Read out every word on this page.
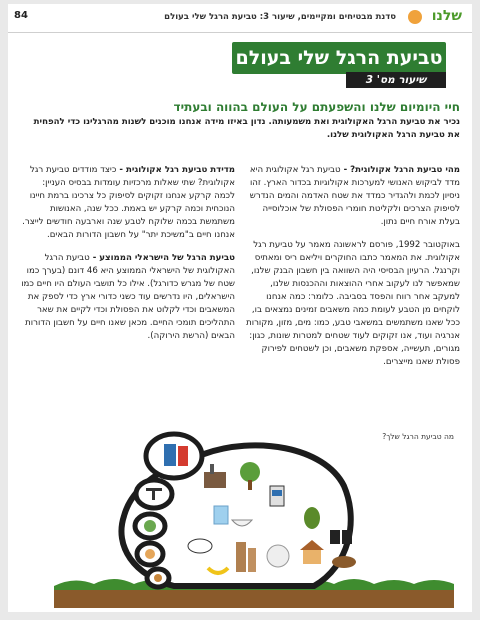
שלנו
סדנת מבטיחים ומקיימים, שיעור 3: טביעת הרגל שלי בעולם
84
טביעת הרגל שלי בעולם
שיעור מס' 3
חיי היומיום שלנו והשפעתם על העולם בהווה ובעתיד
נכיר את טביעת הרגל האקולוגית ואת משמעותה. נדון באיזו מידה אנחנו מוכנים לשנות מהרגלינו כדי להפחית את טביעת הרגל האקולוגית שלנו.

מהי טביעת הרגל אקולוגית? - טביעת רגל אקולוגית היא מדד לביקוש האנושי למערכות אקולוגיות בכדור הארץ. זהו ניסיון לכמת ולהגדיר כמדד את שטח האדמה והמים הנדרש לסיפוק הצרכים ולקליטת חומרי הפסולת של אוכלוסייה בעלת אורח חיים נתון.

באוקטובר 1992, פורסם לראשונה מאמר על טביעת רגל אקולוגית. את המאמר כתבו החוקרים ויליאם ריס ומאתיס וקרנגל. הרעיון הבסיסי היה השוואה בין חשבון הבנק שלנו, שמאפשר לנו לעקוב אחרי ההוצאות וההכנסות שלנו, למעקב אחר רווח והפסד בסביבה. כלומר: כמה אנחנו לוקחים מן הטבע לעומת כמה משאבים זמינים נמצאים בו, ככל שאנו משתמשים במשאבי טבע, כמו: מים, מזון, מקורות אנרגיה ועוד, אנו זקוקים לעוד שטחים למטרות שונות, כגון: מגורים, תעשייה, אספקת משאבים, וכן לשטחים לפירוק פסולת שאנו מייצרים.

מדידת טביעת רגל אקולוגית - כיצד מודדים טביעת רגל אקולוגית? שתי שאלות מרכזיות עומדות בבסיס העניין: לכמה קרקע אנחנו זקוקים לסיפוק כל צרכינו ברמת חיינו הנוכחית וכמה קרקע יש באמת. ככל שנה, האנושות משתמשת בכמה שלוקח לטבע שנה וארבעה חודשים לייצר. אנחנו חיים ב"משיכת יתר" על חשבון הדורות הבאים.

טביעת הרגל של הישראלי הממוצע - טביעת הרגל האקולוגית של הישראלי הממוצע היא 46 דונם (בערך כמו שטח של מגרש כדורגל). אילו כל תושבי העולם היו חיים כמו הישראלים, היו נדרשים עוד כשני כדורי ארץ כדי לספק את המשאבים וכדי לקלוט את הפסולת וכדי לקיים את שאר התהליכים תומכי החיים. מכאן שאנו חיים על חשבון הדורות הבאים (הרשת הירוקה).

מה טביעת הרגל שלך?
